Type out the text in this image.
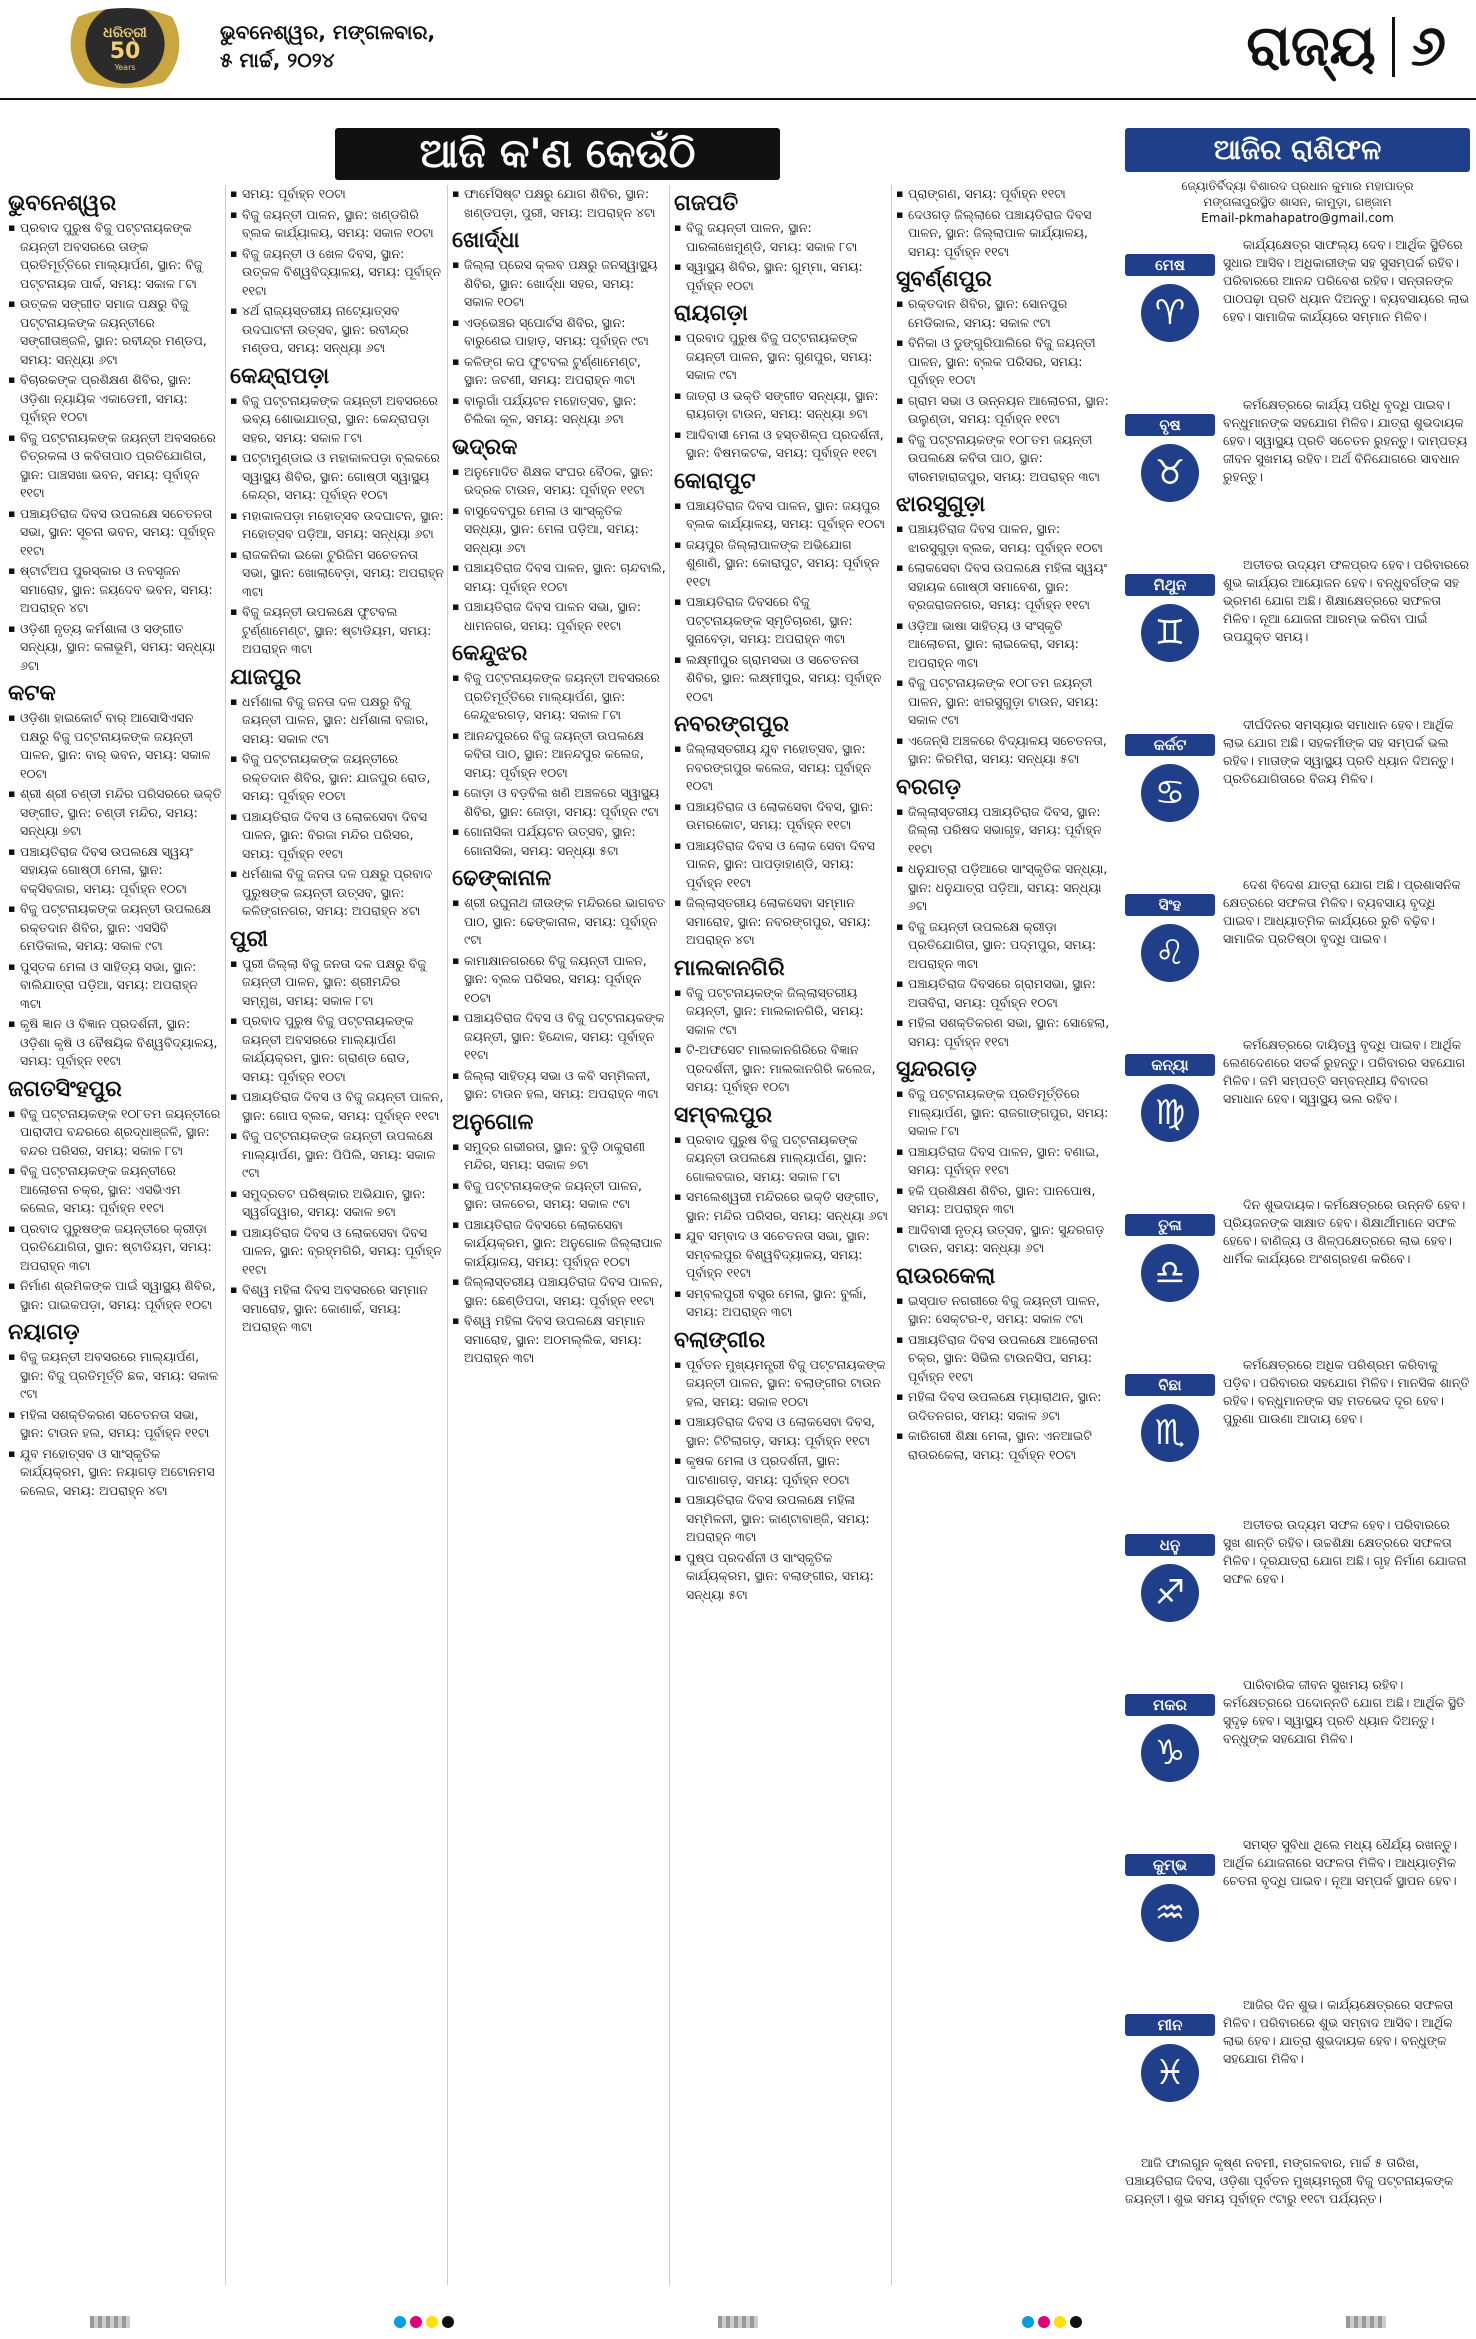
ଧରିତ୍ରୀ
50
Years
ଭୁବନେଶ୍ୱର, ମଙ୍ଗଳବାର,
୫ ମାର୍ଚ୍ଚ, ୨୦୨୪	ରାଜ୍ୟ ୬
ଆଜି କ'ଣ କେଉଁଠି
ଭୁବନେଶ୍ୱର
▪ ପ୍ରବାଦ ପୁରୁଷ ବିଜୁ ପଟ୍ଟନାୟକଙ୍କ ଜୟନ୍ତୀ ଅବସରରେ ତାଙ୍କ ପ୍ରତିମୂର୍ତ୍ତିରେ ମାଲ୍ୟାର୍ପଣ, ସ୍ଥାନ: ବିଜୁ ପଟ୍ଟନାୟକ ପାର୍କ, ସମୟ: ସକାଳ ୮ଟା
▪ ଉତ୍କଳ ସଙ୍ଗୀତ ସମାଜ ପକ୍ଷରୁ ବିଜୁ ପଟ୍ଟନାୟକଙ୍କ ଜୟନ୍ତୀରେ ସଙ୍ଗୀତାଞ୍ଜଳି, ସ୍ଥାନ: ରବୀନ୍ଦ୍ର ମଣ୍ଡପ, ସମୟ: ସନ୍ଧ୍ୟା ୬ଟା
▪ ବିଚାରକଙ୍କ ପ୍ରଶିକ୍ଷଣ ଶିବିର, ସ୍ଥାନ: ଓଡ଼ିଶା ନ୍ୟାୟିକ ଏକାଡେମୀ, ସମୟ: ପୂର୍ବାହ୍ନ ୧୦ଟା
▪ ବିଜୁ ପଟ୍ଟନାୟକଙ୍କ ଜୟନ୍ତୀ ଅବସରରେ ଚିତ୍ରକଳା ଓ କବିତାପାଠ ପ୍ରତିଯୋଗିତା, ସ୍ଥାନ: ପାଞ୍ଚସଖା ଭବନ, ସମୟ: ପୂର୍ବାହ୍ନ ୧୧ଟା
▪ ପଞ୍ଚାୟତିରାଜ ଦିବସ ଉପଲକ୍ଷେ ସଚେତନତା ସଭା, ସ୍ଥାନ: ସୂଚନା ଭବନ, ସମୟ: ପୂର୍ବାହ୍ନ ୧୧ଟା
▪ ଷ୍ଟାର୍ଟଅପ ପୁରସ୍କାର ଓ ନବସୃଜନ ସମାରୋହ, ସ୍ଥାନ: ଜୟଦେବ ଭବନ, ସମୟ: ଅପରାହ୍ନ ୪ଟା
▪ ଓଡ଼ିଶୀ ନୃତ୍ୟ କର୍ମଶାଳା ଓ ସଙ୍ଗୀତ ସନ୍ଧ୍ୟା, ସ୍ଥାନ: କଳାଭୂମି, ସମୟ: ସନ୍ଧ୍ୟା ୬ଟା
କଟକ
▪ ଓଡ଼ିଶା ହାଇକୋର୍ଟ ବାର୍ ଆସୋସିଏସନ ପକ୍ଷରୁ ବିଜୁ ପଟ୍ଟନାୟକଙ୍କ ଜୟନ୍ତୀ ପାଳନ, ସ୍ଥାନ: ବାର୍ ଭବନ, ସମୟ: ସକାଳ ୧୦ଟା
▪ ଶ୍ରୀ ଶ୍ରୀ ଚଣ୍ଡୀ ମନ୍ଦିର ପରିସରରେ ଭକ୍ତି ସଙ୍ଗୀତ, ସ୍ଥାନ: ଚଣ୍ଡୀ ମନ୍ଦିର, ସମୟ: ସନ୍ଧ୍ୟା ୭ଟା
▪ ପଞ୍ଚାୟତିରାଜ ଦିବସ ଉପଲକ୍ଷେ ସ୍ୱୟଂ ସହାୟକ ଗୋଷ୍ଠୀ ମେଳା, ସ୍ଥାନ: ବକ୍ସିବଜାର, ସମୟ: ପୂର୍ବାହ୍ନ ୧୦ଟା
▪ ବିଜୁ ପଟ୍ଟନାୟକଙ୍କ ଜୟନ୍ତୀ ଉପଲକ୍ଷେ ରକ୍ତଦାନ ଶିବିର, ସ୍ଥାନ: ଏସସିବି ମେଡିକାଲ, ସମୟ: ସକାଳ ୯ଟା
▪ ପୁସ୍ତକ ମେଳା ଓ ସାହିତ୍ୟ ସଭା, ସ୍ଥାନ: ବାଲିଯାତ୍ରା ପଡ଼ିଆ, ସମୟ: ଅପରାହ୍ନ ୩ଟା
▪ କୃଷି ଜ୍ଞାନ ଓ ବିଜ୍ଞାନ ପ୍ରଦର୍ଶନୀ, ସ୍ଥାନ: ଓଡ଼ିଶା କୃଷି ଓ ବୈଷୟିକ ବିଶ୍ୱବିଦ୍ୟାଳୟ, ସମୟ: ପୂର୍ବାହ୍ନ ୧୧ଟା
ଜଗତସିଂହପୁର
▪ ବିଜୁ ପଟ୍ଟନାୟକଙ୍କ ୧୦୮ତମ ଜୟନ୍ତୀରେ ପାରାଦୀପ ବନ୍ଦରରେ ଶ୍ରଦ୍ଧାଞ୍ଜଳି, ସ୍ଥାନ: ବନ୍ଦର ପରିସର, ସମୟ: ସକାଳ ୮ଟା
▪ ବିଜୁ ପଟ୍ଟନାୟକଙ୍କ ଜୟନ୍ତୀରେ ଆଲୋଚନା ଚକ୍ର, ସ୍ଥାନ: ଏସଭିଏମ କଲେଜ, ସମୟ: ପୂର୍ବାହ୍ନ ୧୧ଟା
▪ ପ୍ରବାଦ ପୁରୁଷଙ୍କ ଜୟନ୍ତୀରେ କ୍ରୀଡ଼ା ପ୍ରତିଯୋଗିତା, ସ୍ଥାନ: ଷ୍ଟାଡିୟମ, ସମୟ: ଅପରାହ୍ନ ୩ଟା
▪ ନିର୍ମାଣ ଶ୍ରମିକଙ୍କ ପାଇଁ ସ୍ୱାସ୍ଥ୍ୟ ଶିବିର, ସ୍ଥାନ: ପାଇକପଡ଼ା, ସମୟ: ପୂର୍ବାହ୍ନ ୧୦ଟା
ନୟାଗଡ଼
▪ ବିଜୁ ଜୟନ୍ତୀ ଅବସରରେ ମାଲ୍ୟାର୍ପଣ, ସ୍ଥାନ: ବିଜୁ ପ୍ରତିମୂର୍ତ୍ତି ଛକ, ସମୟ: ସକାଳ ୯ଟା
▪ ମହିଳା ସଶକ୍ତିକରଣ ସଚେତନତା ସଭା, ସ୍ଥାନ: ଟାଉନ ହଲ, ସମୟ: ପୂର୍ବାହ୍ନ ୧୧ଟା
▪ ଯୁବ ମହୋତ୍ସବ ଓ ସାଂସ୍କୃତିକ କାର୍ଯ୍ୟକ୍ରମ, ସ୍ଥାନ: ନୟାଗଡ଼ ଅଟୋନମସ କଲେଜ, ସମୟ: ଅପରାହ୍ନ ୪ଟା
▪ ସମୟ: ପୂର୍ବାହ୍ନ ୧୦ଟା
▪ ବିଜୁ ଜୟନ୍ତୀ ପାଳନ, ସ୍ଥାନ: ଖଣ୍ଡଗିରି ବ୍ଲକ କାର୍ଯ୍ୟାଳୟ, ସମୟ: ସକାଳ ୧୦ଟା
▪ ବିଜୁ ଜୟନ୍ତୀ ଓ ଖେଳ ଦିବସ, ସ୍ଥାନ: ଉତ୍କଳ ବିଶ୍ୱବିଦ୍ୟାଳୟ, ସମୟ: ପୂର୍ବାହ୍ନ ୧୧ଟା
▪ ୪ର୍ଥ ରାଜ୍ୟସ୍ତରୀୟ ନାଟ୍ୟୋତ୍ସବ ଉଦଘାଟନୀ ଉତ୍ସବ, ସ୍ଥାନ: ରବୀନ୍ଦ୍ର ମଣ୍ଡପ, ସମୟ: ସନ୍ଧ୍ୟା ୬ଟା
କେନ୍ଦ୍ରାପଡ଼ା
▪ ବିଜୁ ପଟ୍ଟନାୟକଙ୍କ ଜୟନ୍ତୀ ଅବସରରେ ଭବ୍ୟ ଶୋଭାଯାତ୍ରା, ସ୍ଥାନ: କେନ୍ଦ୍ରାପଡ଼ା ସହର, ସମୟ: ସକାଳ ୮ଟା
▪ ପଟ୍ଟାମୁଣ୍ଡାଇ ଓ ମହାକାଳପଡ଼ା ବ୍ଲକରେ ସ୍ୱାସ୍ଥ୍ୟ ଶିବିର, ସ୍ଥାନ: ଗୋଷ୍ଠୀ ସ୍ୱାସ୍ଥ୍ୟ କେନ୍ଦ୍ର, ସମୟ: ପୂର୍ବାହ୍ନ ୧୦ଟା
▪ ମହାକାଳପଡ଼ା ମହୋତ୍ସବ ଉଦଘାଟନ, ସ୍ଥାନ: ମହୋତ୍ସବ ପଡ଼ିଆ, ସମୟ: ସନ୍ଧ୍ୟା ୬ଟା
▪ ରାଜକନିକା ଇକୋ ଟୁରିଜିମ ସଚେତନତା ସଭା, ସ୍ଥାନ: ଖୋଲାବେଡ଼ା, ସମୟ: ଅପରାହ୍ନ ୩ଟା
▪ ବିଜୁ ଜୟନ୍ତୀ ଉପଲକ୍ଷେ ଫୁଟବଲ ଟୁର୍ଣ୍ଣାମେଣ୍ଟ, ସ୍ଥାନ: ଷ୍ଟାଡିୟମ, ସମୟ: ଅପରାହ୍ନ ୩ଟା
ଯାଜପୁର
▪ ଧର୍ମଶାଳା ବିଜୁ ଜନତା ଦଳ ପକ୍ଷରୁ ବିଜୁ ଜୟନ୍ତୀ ପାଳନ, ସ୍ଥାନ: ଧର୍ମଶାଳା ବଜାର, ସମୟ: ସକାଳ ୯ଟା
▪ ବିଜୁ ପଟ୍ଟନାୟକଙ୍କ ଜୟନ୍ତୀରେ ରକ୍ତଦାନ ଶିବିର, ସ୍ଥାନ: ଯାଜପୁର ରୋଡ, ସମୟ: ପୂର୍ବାହ୍ନ ୧୦ଟା
▪ ପଞ୍ଚାୟତିରାଜ ଦିବସ ଓ ଲୋକସେବା ଦିବସ ପାଳନ, ସ୍ଥାନ: ବିରଜା ମନ୍ଦିର ପରିସର, ସମୟ: ପୂର୍ବାହ୍ନ ୧୧ଟା
▪ ଧର୍ମଶାଳା ବିଜୁ ଜନତା ଦଳ ପକ୍ଷରୁ ପ୍ରବାଦ ପୁରୁଷଙ୍କ ଜୟନ୍ତୀ ଉତ୍ସବ, ସ୍ଥାନ: କଳିଙ୍ଗନଗର, ସମୟ: ଅପରାହ୍ନ ୪ଟା
ପୁରୀ
▪ ପୁରୀ ଜିଲ୍ଲା ବିଜୁ ଜନତା ଦଳ ପକ୍ଷରୁ ବିଜୁ ଜୟନ୍ତୀ ପାଳନ, ସ୍ଥାନ: ଶ୍ରୀମନ୍ଦିର ସମ୍ମୁଖ, ସମୟ: ସକାଳ ୮ଟା
▪ ପ୍ରବାଦ ପୁରୁଷ ବିଜୁ ପଟ୍ଟନାୟକଙ୍କ ଜୟନ୍ତୀ ଅବସରରେ ମାଲ୍ୟାର୍ପଣ କାର୍ଯ୍ୟକ୍ରମ, ସ୍ଥାନ: ଗ୍ରାଣ୍ଡ ରୋଡ, ସମୟ: ପୂର୍ବାହ୍ନ ୧୦ଟା
▪ ପଞ୍ଚାୟତିରାଜ ଦିବସ ଓ ବିଜୁ ଜୟନ୍ତୀ ପାଳନ, ସ୍ଥାନ: ଗୋପ ବ୍ଲକ, ସମୟ: ପୂର୍ବାହ୍ନ ୧୧ଟା
▪ ବିଜୁ ପଟ୍ଟନାୟକଙ୍କ ଜୟନ୍ତୀ ଉପଲକ୍ଷେ ମାଲ୍ୟାର୍ପଣ, ସ୍ଥାନ: ପିପିଲି, ସମୟ: ସକାଳ ୯ଟା
▪ ସମୁଦ୍ରତଟ ପରିଷ୍କାର ଅଭିଯାନ, ସ୍ଥାନ: ସ୍ୱର୍ଗଦ୍ୱାର, ସମୟ: ସକାଳ ୭ଟା
▪ ପଞ୍ଚାୟତିରାଜ ଦିବସ ଓ ଲୋକସେବା ଦିବସ ପାଳନ, ସ୍ଥାନ: ବ୍ରହ୍ମଗିରି, ସମୟ: ପୂର୍ବାହ୍ନ ୧୧ଟା
▪ ବିଶ୍ୱ ମହିଳା ଦିବସ ଅବସରରେ ସମ୍ମାନ ସମାରୋହ, ସ୍ଥାନ: କୋଣାର୍କ, ସମୟ: ଅପରାହ୍ନ ୩ଟା
▪ ଫାର୍ମେସିଷ୍ଟ ପକ୍ଷରୁ ଯୋଗ ଶିବିର, ସ୍ଥାନ: ଖଣ୍ଡପଡ଼ା, ପୁରୀ, ସମୟ: ଅପରାହ୍ନ ୪ଟା
ଖୋର୍ଦ୍ଧା
▪ ଜିଲ୍ଲା ପ୍ରେସ କ୍ଲବ ପକ୍ଷରୁ ଜନସ୍ୱାସ୍ଥ୍ୟ ଶିବିର, ସ୍ଥାନ: ଖୋର୍ଦ୍ଧା ସହର, ସମୟ: ସକାଳ ୧୦ଟା
▪ ଏଡ୍ଭେଞ୍ଚର ସ୍ପୋର୍ଟସ ଶିବିର, ସ୍ଥାନ: ବାରୁଣେଇ ପାହାଡ଼, ସମୟ: ପୂର୍ବାହ୍ନ ୯ଟା
▪ କଳିଙ୍ଗ କପ ଫୁଟବଲ ଟୁର୍ଣ୍ଣାମେଣ୍ଟ, ସ୍ଥାନ: ଜଟଣୀ, ସମୟ: ଅପରାହ୍ନ ୩ଟା
▪ ବାଲୁଗାଁ ପର୍ଯ୍ୟଟନ ମହୋତ୍ସବ, ସ୍ଥାନ: ଚିଲିକା କୂଳ, ସମୟ: ସନ୍ଧ୍ୟା ୬ଟା
ଭଦ୍ରକ
▪ ଅନୁମୋଦିତ ଶିକ୍ଷକ ସଂଘର ବୈଠକ, ସ୍ଥାନ: ଭଦ୍ରକ ଟାଉନ, ସମୟ: ପୂର୍ବାହ୍ନ ୧୧ଟା
▪ ବାସୁଦେବପୁର ମେଳା ଓ ସାଂସ୍କୃତିକ ସନ୍ଧ୍ୟା, ସ୍ଥାନ: ମେଳା ପଡ଼ିଆ, ସମୟ: ସନ୍ଧ୍ୟା ୬ଟା
▪ ପଞ୍ଚାୟତିରାଜ ଦିବସ ପାଳନ, ସ୍ଥାନ: ଚାନ୍ଦବାଲି, ସମୟ: ପୂର୍ବାହ୍ନ ୧୦ଟା
▪ ପଞ୍ଚାୟତିରାଜ ଦିବସ ପାଳନ ସଭା, ସ୍ଥାନ: ଧାମନଗର, ସମୟ: ପୂର୍ବାହ୍ନ ୧୧ଟା
କେନ୍ଦୁଝର
▪ ବିଜୁ ପଟ୍ଟନାୟକଙ୍କ ଜୟନ୍ତୀ ଅବସରରେ ପ୍ରତିମୂର୍ତ୍ତିରେ ମାଲ୍ୟାର୍ପଣ, ସ୍ଥାନ: କେନ୍ଦୁଝରଗଡ଼, ସମୟ: ସକାଳ ୮ଟା
▪ ଆନନ୍ଦପୁରରେ ବିଜୁ ଜୟନ୍ତୀ ଉପଲକ୍ଷେ କବିତା ପାଠ, ସ୍ଥାନ: ଆନନ୍ଦପୁର କଲେଜ, ସମୟ: ପୂର୍ବାହ୍ନ ୧୦ଟା
▪ ଜୋଡ଼ା ଓ ବଡ଼ବିଲ ଖଣି ଅଞ୍ଚଳରେ ସ୍ୱାସ୍ଥ୍ୟ ଶିବିର, ସ୍ଥାନ: ଜୋଡ଼ା, ସମୟ: ପୂର୍ବାହ୍ନ ୯ଟା
▪ ଗୋନାସିକା ପର୍ଯ୍ୟଟନ ଉତ୍ସବ, ସ୍ଥାନ: ଗୋନାସିକା, ସମୟ: ସନ୍ଧ୍ୟା ୫ଟା
ଢେଙ୍କାନାଳ
▪ ଶ୍ରୀ ରଘୁନାଥ ଜୀଉଙ୍କ ମନ୍ଦିରରେ ଭାଗବତ ପାଠ, ସ୍ଥାନ: ଢେଙ୍କାନାଳ, ସମୟ: ପୂର୍ବାହ୍ନ ୯ଟା
▪ କାମାକ୍ଷାନଗରରେ ବିଜୁ ଜୟନ୍ତୀ ପାଳନ, ସ୍ଥାନ: ବ୍ଲକ ପରିସର, ସମୟ: ପୂର୍ବାହ୍ନ ୧୦ଟା
▪ ପଞ୍ଚାୟତିରାଜ ଦିବସ ଓ ବିଜୁ ପଟ୍ଟନାୟକଙ୍କ ଜୟନ୍ତୀ, ସ୍ଥାନ: ହିନ୍ଦୋଳ, ସମୟ: ପୂର୍ବାହ୍ନ ୧୧ଟା
▪ ଜିଲ୍ଲା ସାହିତ୍ୟ ସଭା ଓ କବି ସମ୍ମିଳନୀ, ସ୍ଥାନ: ଟାଉନ ହଲ, ସମୟ: ଅପରାହ୍ନ ୩ଟା
ଅନୁଗୋଳ
▪ ସମୁଦ୍ର ଗଭୀରତା, ସ୍ଥାନ: ବୁଡ଼ି ଠାକୁରାଣୀ ମନ୍ଦିର, ସମୟ: ସକାଳ ୭ଟା
▪ ବିଜୁ ପଟ୍ଟନାୟକଙ୍କ ଜୟନ୍ତୀ ପାଳନ, ସ୍ଥାନ: ତାଳଚେର, ସମୟ: ସକାଳ ୯ଟା
▪ ପଞ୍ଚାୟତିରାଜ ଦିବସରେ ଲୋକସେବା କାର୍ଯ୍ୟକ୍ରମ, ସ୍ଥାନ: ଅନୁଗୋଳ ଜିଲ୍ଲାପାଳ କାର୍ଯ୍ୟାଳୟ, ସମୟ: ପୂର୍ବାହ୍ନ ୧୦ଟା
▪ ଜିଲ୍ଲାସ୍ତରୀୟ ପଞ୍ଚାୟତିରାଜ ଦିବସ ପାଳନ, ସ୍ଥାନ: ଛେଣ୍ଡିପଦା, ସମୟ: ପୂର୍ବାହ୍ନ ୧୧ଟା
▪ ବିଶ୍ୱ ମହିଳା ଦିବସ ଉପଲକ୍ଷେ ସମ୍ମାନ ସମାରୋହ, ସ୍ଥାନ: ଅଠମଲ୍ଲିକ, ସମୟ: ଅପରାହ୍ନ ୩ଟା
ଗଜପତି
▪ ବିଜୁ ଜୟନ୍ତୀ ପାଳନ, ସ୍ଥାନ: ପାରଳାଖେମୁଣ୍ଡି, ସମୟ: ସକାଳ ୮ଟା
▪ ସ୍ୱାସ୍ଥ୍ୟ ଶିବିର, ସ୍ଥାନ: ଗୁମ୍ମା, ସମୟ: ପୂର୍ବାହ୍ନ ୧୦ଟା
ରାୟଗଡ଼ା
▪ ପ୍ରବାଦ ପୁରୁଷ ବିଜୁ ପଟ୍ଟନାୟକଙ୍କ ଜୟନ୍ତୀ ପାଳନ, ସ୍ଥାନ: ଗୁଣପୁର, ସମୟ: ସକାଳ ୯ଟା
▪ ଜାତ୍ରା ଓ ଭକ୍ତି ସଙ୍ଗୀତ ସନ୍ଧ୍ୟା, ସ୍ଥାନ: ରାୟଗଡ଼ା ଟାଉନ, ସମୟ: ସନ୍ଧ୍ୟା ୭ଟା
▪ ଆଦିବାସୀ ମେଳା ଓ ହସ୍ତଶିଳ୍ପ ପ୍ରଦର୍ଶନୀ, ସ୍ଥାନ: ବିଷମକଟକ, ସମୟ: ପୂର୍ବାହ୍ନ ୧୧ଟା
କୋରାପୁଟ
▪ ପଞ୍ଚାୟତିରାଜ ଦିବସ ପାଳନ, ସ୍ଥାନ: ଜୟପୁର ବ୍ଲକ କାର୍ଯ୍ୟାଳୟ, ସମୟ: ପୂର୍ବାହ୍ନ ୧୦ଟା
▪ ଜୟପୁର ଜିଲ୍ଲାପାଳଙ୍କ ଅଭିଯୋଗ ଶୁଣାଣି, ସ୍ଥାନ: କୋରାପୁଟ, ସମୟ: ପୂର୍ବାହ୍ନ ୧୧ଟା
▪ ପଞ୍ଚାୟତିରାଜ ଦିବସରେ ବିଜୁ ପଟ୍ଟନାୟକଙ୍କ ସ୍ମୃତିଚାରଣ, ସ୍ଥାନ: ସୁନାବେଡ଼ା, ସମୟ: ଅପରାହ୍ନ ୩ଟା
▪ ଲକ୍ଷ୍ମୀପୁର ଗ୍ରାମସଭା ଓ ସଚେତନତା ଶିବିର, ସ୍ଥାନ: ଲକ୍ଷ୍ମୀପୁର, ସମୟ: ପୂର୍ବାହ୍ନ ୧୦ଟା
ନବରଙ୍ଗପୁର
▪ ଜିଲ୍ଲାସ୍ତରୀୟ ଯୁବ ମହୋତ୍ସବ, ସ୍ଥାନ: ନବରଙ୍ଗପୁର କଲେଜ, ସମୟ: ପୂର୍ବାହ୍ନ ୧୦ଟା
▪ ପଞ୍ଚାୟତିରାଜ ଓ ଲୋକସେବା ଦିବସ, ସ୍ଥାନ: ଉମରକୋଟ, ସମୟ: ପୂର୍ବାହ୍ନ ୧୧ଟା
▪ ପଞ୍ଚାୟତିରାଜ ଦିବସ ଓ ଲୋକ ସେବା ଦିବସ ପାଳନ, ସ୍ଥାନ: ପାପଡ଼ାହାଣ୍ଡି, ସମୟ: ପୂର୍ବାହ୍ନ ୧୧ଟା
▪ ଜିଲ୍ଲାସ୍ତରୀୟ ଲୋକସେବା ସମ୍ମାନ ସମାରୋହ, ସ୍ଥାନ: ନବରଙ୍ଗପୁର, ସମୟ: ଅପରାହ୍ନ ୪ଟା
ମାଲକାନଗିରି
▪ ବିଜୁ ପଟ୍ଟନାୟକଙ୍କ ଜିଲ୍ଲାସ୍ତରୀୟ ଜୟନ୍ତୀ, ସ୍ଥାନ: ମାଲକାନଗିରି, ସମୟ: ସକାଳ ୯ଟା
▪ ଟି-ଅଫସେଟ ମାଲକାନଗିରିରେ ବିଜ୍ଞାନ ପ୍ରଦର୍ଶନୀ, ସ୍ଥାନ: ମାଲକାନଗିରି କଲେଜ, ସମୟ: ପୂର୍ବାହ୍ନ ୧୦ଟା
ସମ୍ବଲପୁର
▪ ପ୍ରବାଦ ପୁରୁଷ ବିଜୁ ପଟ୍ଟନାୟକଙ୍କ ଜୟନ୍ତୀ ଉପଲକ୍ଷେ ମାଲ୍ୟାର୍ପଣ, ସ୍ଥାନ: ଗୋଲବଜାର, ସମୟ: ସକାଳ ୮ଟା
▪ ସମଲେଶ୍ୱରୀ ମନ୍ଦିରରେ ଭକ୍ତି ସଙ୍ଗୀତ, ସ୍ଥାନ: ମନ୍ଦିର ପରିସର, ସମୟ: ସନ୍ଧ୍ୟା ୬ଟା
▪ ଯୁବ ସମ୍ବାଦ ଓ ସଚେତନତା ସଭା, ସ୍ଥାନ: ସମ୍ବଲପୁର ବିଶ୍ୱବିଦ୍ୟାଳୟ, ସମୟ: ପୂର୍ବାହ୍ନ ୧୧ଟା
▪ ସମ୍ବଲପୁରୀ ବସ୍ତ୍ର ମେଳା, ସ୍ଥାନ: ବୁର୍ଲା, ସମୟ: ଅପରାହ୍ନ ୩ଟା
ବଲାଙ୍ଗୀର
▪ ପୂର୍ବତନ ମୁଖ୍ୟମନ୍ତ୍ରୀ ବିଜୁ ପଟ୍ଟନାୟକଙ୍କ ଜୟନ୍ତୀ ପାଳନ, ସ୍ଥାନ: ବଲାଙ୍ଗୀର ଟାଉନ ହଲ, ସମୟ: ସକାଳ ୧୦ଟା
▪ ପଞ୍ଚାୟତିରାଜ ଦିବସ ଓ ଲୋକସେବା ଦିବସ, ସ୍ଥାନ: ଟିଟିଲାଗଡ଼, ସମୟ: ପୂର୍ବାହ୍ନ ୧୧ଟା
▪ କୃଷକ ମେଳା ଓ ପ୍ରଦର୍ଶନୀ, ସ୍ଥାନ: ପାଟଣାଗଡ଼, ସମୟ: ପୂର୍ବାହ୍ନ ୧୦ଟା
▪ ପଞ୍ଚାୟତିରାଜ ଦିବସ ଉପଲକ୍ଷେ ମହିଳା ସମ୍ମିଳନୀ, ସ୍ଥାନ: କାଣ୍ଟାବାଞ୍ଜି, ସମୟ: ଅପରାହ୍ନ ୩ଟା
▪ ପୁଷ୍ପ ପ୍ରଦର୍ଶନୀ ଓ ସାଂସ୍କୃତିକ କାର୍ଯ୍ୟକ୍ରମ, ସ୍ଥାନ: ବଲାଙ୍ଗୀର, ସମୟ: ସନ୍ଧ୍ୟା ୫ଟା
▪ ପ୍ରାଙ୍ଗଣ, ସମୟ: ପୂର୍ବାହ୍ନ ୧୧ଟା
▪ ଦେଓଗଡ଼ ଜିଲ୍ଲାରେ ପଞ୍ଚାୟତିରାଜ ଦିବସ ପାଳନ, ସ୍ଥାନ: ଜିଲ୍ଲାପାଳ କାର୍ଯ୍ୟାଳୟ, ସମୟ: ପୂର୍ବାହ୍ନ ୧୧ଟା
ସୁବର୍ଣ୍ଣପୁର
▪ ରକ୍ତଦାନ ଶିବିର, ସ୍ଥାନ: ସୋନପୁର ମେଡିକାଲ, ସମୟ: ସକାଳ ୯ଟା
▪ ବିନିକା ଓ ଡୁଙ୍ଗୁରିପାଲିରେ ବିଜୁ ଜୟନ୍ତୀ ପାଳନ, ସ୍ଥାନ: ବ୍ଲକ ପରିସର, ସମୟ: ପୂର୍ବାହ୍ନ ୧୦ଟା
▪ ଗ୍ରାମ ସଭା ଓ ଉନ୍ନୟନ ଆଲୋଚନା, ସ୍ଥାନ: ଉଲୁଣ୍ଡା, ସମୟ: ପୂର୍ବାହ୍ନ ୧୧ଟା
▪ ବିଜୁ ପଟ୍ଟନାୟକଙ୍କ ୧୦୮ତମ ଜୟନ୍ତୀ ଉପଲକ୍ଷେ କବିତା ପାଠ, ସ୍ଥାନ: ବୀରମହାରାଜପୁର, ସମୟ: ଅପରାହ୍ନ ୩ଟା
ଝାରସୁଗୁଡ଼ା
▪ ପଞ୍ଚାୟତିରାଜ ଦିବସ ପାଳନ, ସ୍ଥାନ: ଝାରସୁଗୁଡ଼ା ବ୍ଲକ, ସମୟ: ପୂର୍ବାହ୍ନ ୧୦ଟା
▪ ଲୋକସେବା ଦିବସ ଉପଲକ୍ଷେ ମହିଳା ସ୍ୱୟଂ ସହାୟକ ଗୋଷ୍ଠୀ ସମାବେଶ, ସ୍ଥାନ: ବ୍ରଜରାଜନଗର, ସମୟ: ପୂର୍ବାହ୍ନ ୧୧ଟା
▪ ଓଡ଼ିଆ ଭାଷା ସାହିତ୍ୟ ଓ ସଂସ୍କୃତି ଆଲୋଚନା, ସ୍ଥାନ: ଲାଇକେରା, ସମୟ: ଅପରାହ୍ନ ୩ଟା
▪ ବିଜୁ ପଟ୍ଟନାୟକଙ୍କ ୧୦୮ତମ ଜୟନ୍ତୀ ପାଳନ, ସ୍ଥାନ: ଝାରସୁଗୁଡ଼ା ଟାଉନ, ସମୟ: ସକାଳ ୯ଟା
▪ ଏଜେନ୍ସି ଅଞ୍ଚଳରେ ବିଦ୍ୟାଳୟ ସଚେତନତା, ସ୍ଥାନ: କିରମିରା, ସମୟ: ସନ୍ଧ୍ୟା ୫ଟା
ବରଗଡ଼
▪ ଜିଲ୍ଲାସ୍ତରୀୟ ପଞ୍ଚାୟତିରାଜ ଦିବସ, ସ୍ଥାନ: ଜିଲ୍ଲା ପରିଷଦ ସଭାଗୃହ, ସମୟ: ପୂର୍ବାହ୍ନ ୧୧ଟା
▪ ଧନୁଯାତ୍ରା ପଡ଼ିଆରେ ସାଂସ୍କୃତିକ ସନ୍ଧ୍ୟା, ସ୍ଥାନ: ଧନୁଯାତ୍ରା ପଡ଼ିଆ, ସମୟ: ସନ୍ଧ୍ୟା ୬ଟା
▪ ବିଜୁ ଜୟନ୍ତୀ ଉପଲକ୍ଷେ କ୍ରୀଡ଼ା ପ୍ରତିଯୋଗିତା, ସ୍ଥାନ: ପଦ୍ମପୁର, ସମୟ: ଅପରାହ୍ନ ୩ଟା
▪ ପଞ୍ଚାୟତିରାଜ ଦିବସରେ ଗ୍ରାମସଭା, ସ୍ଥାନ: ଅତାବିରା, ସମୟ: ପୂର୍ବାହ୍ନ ୧୦ଟା
▪ ମହିଳା ସଶକ୍ତିକରଣ ସଭା, ସ୍ଥାନ: ସୋହେଲା, ସମୟ: ପୂର୍ବାହ୍ନ ୧୧ଟା
ସୁନ୍ଦରଗଡ଼
▪ ବିଜୁ ପଟ୍ଟନାୟକଙ୍କ ପ୍ରତିମୂର୍ତ୍ତିରେ ମାଲ୍ୟାର୍ପଣ, ସ୍ଥାନ: ରାଜଗାଙ୍ଗପୁର, ସମୟ: ସକାଳ ୮ଟା
▪ ପଞ୍ଚାୟତିରାଜ ଦିବସ ପାଳନ, ସ୍ଥାନ: ବଣାଇ, ସମୟ: ପୂର୍ବାହ୍ନ ୧୧ଟା
▪ ହକି ପ୍ରଶିକ୍ଷଣ ଶିବିର, ସ୍ଥାନ: ପାନପୋଷ, ସମୟ: ଅପରାହ୍ନ ୩ଟା
▪ ଆଦିବାସୀ ନୃତ୍ୟ ଉତ୍ସବ, ସ୍ଥାନ: ସୁନ୍ଦରଗଡ଼ ଟାଉନ, ସମୟ: ସନ୍ଧ୍ୟା ୬ଟା
ରାଉରକେଲା
▪ ଇସ୍ପାତ ନଗରୀରେ ବିଜୁ ଜୟନ୍ତୀ ପାଳନ, ସ୍ଥାନ: ସେକ୍ଟର-୧, ସମୟ: ସକାଳ ୯ଟା
▪ ପଞ୍ଚାୟତିରାଜ ଦିବସ ଉପଲକ୍ଷେ ଆଲୋଚନା ଚକ୍ର, ସ୍ଥାନ: ସିଭିଲ ଟାଉନସିପ, ସମୟ: ପୂର୍ବାହ୍ନ ୧୧ଟା
▪ ମହିଳା ଦିବସ ଉପଲକ୍ଷେ ମ୍ୟାରାଥନ, ସ୍ଥାନ: ଉଦିତନଗର, ସମୟ: ସକାଳ ୬ଟା
▪ କାରିଗରୀ ଶିକ୍ଷା ମେଳା, ସ୍ଥାନ: ଏନଆଇଟି ରାଉରକେଲା, ସମୟ: ପୂର୍ବାହ୍ନ ୧୦ଟା
ଆଜିର ରାଶିଫଳ
ଜ୍ୟୋତିର୍ବିଦ୍ୟା ବିଶାରଦ ପ୍ରଧାନ କୁମାର ମହାପାତ୍ର
ମଙ୍ଗଳାପୁରସ୍ଥିତ ଶାସନ, କାମୁଡ଼ା, ଗଞ୍ଜାମ
Email-pkmahapatro@gmail.com
ମେଷ
♈
କାର୍ଯ୍ୟକ୍ଷେତ୍ର ସାଫଲ୍ୟ ଦେବ। ଆର୍ଥିକ ସ୍ଥିତିରେ ସୁଧାର ଆସିବ। ଅଧିକାରୀଙ୍କ ସହ ସୁସମ୍ପର୍କ ରହିବ। ପରିବାରରେ ଆନନ୍ଦ ପରିବେଶ ରହିବ। ସନ୍ତାନଙ୍କ ପାଠପଢ଼ା ପ୍ରତି ଧ୍ୟାନ ଦିଅନ୍ତୁ। ବ୍ୟବସାୟରେ ଲାଭ ହେବ। ସାମାଜିକ କାର୍ଯ୍ୟରେ ସମ୍ମାନ ମିଳିବ।
ବୃଷ
♉
କର୍ମକ୍ଷେତ୍ରରେ କାର୍ଯ୍ୟ ପରିଧି ବୃଦ୍ଧି ପାଇବ। ବନ୍ଧୁମାନଙ୍କ ସହଯୋଗ ମିଳିବ। ଯାତ୍ରା ଶୁଭଦାୟକ ହେବ। ସ୍ୱାସ୍ଥ୍ୟ ପ୍ରତି ସଚେତନ ରୁହନ୍ତୁ। ଦାମ୍ପତ୍ୟ ଜୀବନ ସୁଖମୟ ରହିବ। ଅର୍ଥ ବିନିଯୋଗରେ ସାବଧାନ ରୁହନ୍ତୁ।
ମିଥୁନ
♊
ଅତୀତର ଉଦ୍ୟମ ଫଳପ୍ରଦ ହେବ। ପରିବାରରେ ଶୁଭ କାର୍ଯ୍ୟର ଆୟୋଜନ ହେବ। ବନ୍ଧୁବର୍ଗଙ୍କ ସହ ଭ୍ରମଣ ଯୋଗ ଅଛି। ଶିକ୍ଷାକ୍ଷେତ୍ରରେ ସଫଳତା ମିଳିବ। ନୂଆ ଯୋଜନା ଆରମ୍ଭ କରିବା ପାଇଁ ଉପଯୁକ୍ତ ସମୟ।
କର୍କଟ
♋
ଦୀର୍ଘଦିନର ସମସ୍ୟାର ସମାଧାନ ହେବ। ଆର୍ଥିକ ଲାଭ ଯୋଗ ଅଛି। ସହକର୍ମୀଙ୍କ ସହ ସମ୍ପର୍କ ଭଲ ରହିବ। ମାତାଙ୍କ ସ୍ୱାସ୍ଥ୍ୟ ପ୍ରତି ଧ୍ୟାନ ଦିଅନ୍ତୁ। ପ୍ରତିଯୋଗିତାରେ ବିଜୟ ମିଳିବ।
ସିଂହ
♌
ଦେଶ ବିଦେଶ ଯାତ୍ରା ଯୋଗ ଅଛି। ପ୍ରଶାସନିକ କ୍ଷେତ୍ରରେ ସଫଳତା ମିଳିବ। ବ୍ୟବସାୟ ବୃଦ୍ଧି ପାଇବ। ଆଧ୍ୟାତ୍ମିକ କାର୍ଯ୍ୟରେ ରୁଚି ବଢ଼ିବ। ସାମାଜିକ ପ୍ରତିଷ୍ଠା ବୃଦ୍ଧି ପାଇବ।
କନ୍ୟା
♍
କର୍ମକ୍ଷେତ୍ରରେ ଦାୟିତ୍ୱ ବୃଦ୍ଧି ପାଇବ। ଆର୍ଥିକ ଲେଣଦେଣରେ ସତର୍କ ରୁହନ୍ତୁ। ପରିବାରର ସହଯୋଗ ମିଳିବ। ଜମି ସମ୍ପତ୍ତି ସମ୍ବନ୍ଧୀୟ ବିବାଦର ସମାଧାନ ହେବ। ସ୍ୱାସ୍ଥ୍ୟ ଭଲ ରହିବ।
ତୁଳା
♎
ଦିନ ଶୁଭଦାୟକ। କର୍ମକ୍ଷେତ୍ରରେ ଉନ୍ନତି ହେବ। ପ୍ରିୟଜନଙ୍କ ସାକ୍ଷାତ ହେବ। ଶିକ୍ଷାର୍ଥୀମାନେ ସଫଳ ହେବେ। ବାଣିଜ୍ୟ ଓ ଶିଳ୍ପକ୍ଷେତ୍ରରେ ଲାଭ ହେବ। ଧାର୍ମିକ କାର୍ଯ୍ୟରେ ଅଂଶଗ୍ରହଣ କରିବେ।
ବିଛା
♏
କର୍ମକ୍ଷେତ୍ରରେ ଅଧିକ ପରିଶ୍ରମ କରିବାକୁ ପଡ଼ିବ। ପରିବାରର ସହଯୋଗ ମିଳିବ। ମାନସିକ ଶାନ୍ତି ରହିବ। ବନ୍ଧୁମାନଙ୍କ ସହ ମତଭେଦ ଦୂର ହେବ। ପୁରୁଣା ପାଉଣା ଆଦାୟ ହେବ।
ଧନୁ
♐
ଅତୀତର ଉଦ୍ୟମ ସଫଳ ହେବ। ପରିବାରରେ ସୁଖ ଶାନ୍ତି ରହିବ। ଉଚ୍ଚଶିକ୍ଷା କ୍ଷେତ୍ରରେ ସଫଳତା ମିଳିବ। ଦୂରଯାତ୍ରା ଯୋଗ ଅଛି। ଗୃହ ନିର୍ମାଣ ଯୋଜନା ସଫଳ ହେବ।
ମକର
♑
ପାରିବାରିକ ଜୀବନ ସୁଖମୟ ରହିବ। କର୍ମକ୍ଷେତ୍ରରେ ପଦୋନ୍ନତି ଯୋଗ ଅଛି। ଆର୍ଥିକ ସ୍ଥିତି ସୁଦୃଢ଼ ହେବ। ସ୍ୱାସ୍ଥ୍ୟ ପ୍ରତି ଧ୍ୟାନ ଦିଅନ୍ତୁ। ବନ୍ଧୁଙ୍କ ସହଯୋଗ ମିଳିବ।
କୁମ୍ଭ
♒
ସମସ୍ତ ସୁବିଧା ଥିଲେ ମଧ୍ୟ ଧୈର୍ଯ୍ୟ ରଖନ୍ତୁ। ଆର୍ଥିକ ଯୋଜନାରେ ସଫଳତା ମିଳିବ। ଆଧ୍ୟାତ୍ମିକ ଚେତନା ବୃଦ୍ଧି ପାଇବ। ନୂଆ ସମ୍ପର୍କ ସ୍ଥାପନ ହେବ।
ମୀନ
♓
ଆଜିର ଦିନ ଶୁଭ। କାର୍ଯ୍ୟକ୍ଷେତ୍ରରେ ସଫଳତା ମିଳିବ। ପରିବାରରେ ଶୁଭ ସମ୍ବାଦ ଆସିବ। ଆର୍ଥିକ ଲାଭ ହେବ। ଯାତ୍ରା ଶୁଭଦାୟକ ହେବ। ବନ୍ଧୁଙ୍କ ସହଯୋଗ ମିଳିବ।
ଆଜି ଫାଲଗୁନ କୃଷ୍ଣ ନବମୀ, ମଙ୍ଗଳବାର, ମାର୍ଚ୍ଚ ୫ ତାରିଖ, ପଞ୍ଚାୟତିରାଜ ଦିବସ, ଓଡ଼ିଶା ପୂର୍ବତନ ମୁଖ୍ୟମନ୍ତ୍ରୀ ବିଜୁ ପଟ୍ଟନାୟକଙ୍କ ଜୟନ୍ତୀ। ଶୁଭ ସମୟ ପୂର୍ବାହ୍ନ ୯ଟାରୁ ୧୧ଟା ପର୍ଯ୍ୟନ୍ତ।
